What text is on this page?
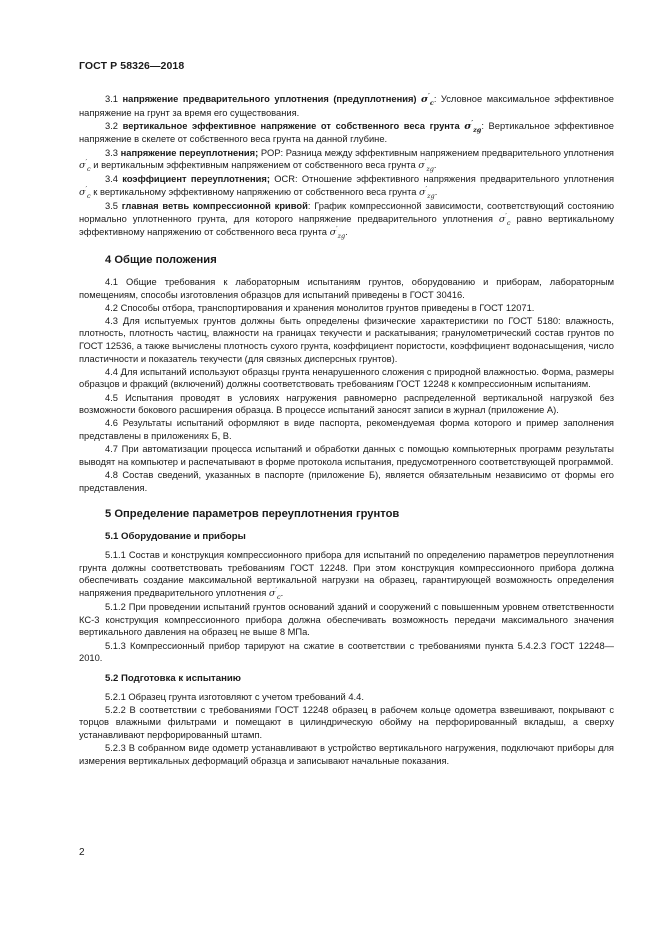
ГОСТ Р 58326—2018

3.1 напряжение предварительного уплотнения (предуплотнения) $\sigma'_c$: Условное максимальное эффективное напряжение на грунт за время его существования.

3.2 вертикальное эффективное напряжение от собственного веса грунта $\sigma'_{zg}$: Вертикальное эффективное напряжение в скелете от собственного веса грунта на данной глубине.

3.3 напряжение переуплотнения; POP: Разница между эффективным напряжением предварительного уплотнения $\sigma'_c$ и вертикальным эффективным напряжением от собственного веса грунта $\sigma'_{zg}$.

3.4 коэффициент переуплотнения; OCR: Отношение эффективного напряжения предварительного уплотнения $\sigma'_c$ к вертикальному эффективному напряжению от собственного веса грунта $\sigma'_{zg}$.

3.5 главная ветвь компрессионной кривой: График компрессионной зависимости, соответствующий состоянию нормально уплотненного грунта, для которого напряжение предварительного уплотнения $\sigma'_c$ равно вертикальному эффективному напряжению от собственного веса грунта $\sigma'_{zg}$.

4 Общие положения

4.1 Общие требования к лабораторным испытаниям грунтов, оборудованию и приборам, лабораторным помещениям, способы изготовления образцов для испытаний приведены в ГОСТ 30416.

4.2 Способы отбора, транспортирования и хранения монолитов грунтов приведены в ГОСТ 12071.

4.3 Для испытуемых грунтов должны быть определены физические характеристики по ГОСТ 5180: влажность, плотность, плотность частиц, влажности на границах текучести и раскатывания; гранулометрический состав грунтов по ГОСТ 12536, а также вычислены плотность сухого грунта, коэффициент пористости, коэффициент водонасыщения, число пластичности и показатель текучести (для связных дисперсных грунтов).

4.4 Для испытаний используют образцы грунта ненарушенного сложения с природной влажностью. Форма, размеры образцов и фракций (включений) должны соответствовать требованиям ГОСТ 12248 к компрессионным испытаниям.

4.5 Испытания проводят в условиях нагружения равномерно распределенной вертикальной нагрузкой без возможности бокового расширения образца. В процессе испытаний заносят записи в журнал (приложение А).

4.6 Результаты испытаний оформляют в виде паспорта, рекомендуемая форма которого и пример заполнения представлены в приложениях Б, В.

4.7 При автоматизации процесса испытаний и обработки данных с помощью компьютерных программ результаты выводят на компьютер и распечатывают в форме протокола испытания, предусмотренного соответствующей программой.

4.8 Состав сведений, указанных в паспорте (приложение Б), является обязательным независимо от формы его представления.

5 Определение параметров переуплотнения грунтов
5.1 Оборудование и приборы

5.1.1 Состав и конструкция компрессионного прибора для испытаний по определению параметров переуплотнения грунта должны соответствовать требованиям ГОСТ 12248. При этом конструкция компрессионного прибора должна обеспечивать создание максимальной вертикальной нагрузки на образец, гарантирующей возможность определения напряжения предварительного уплотнения $\sigma'_c$.

5.1.2 При проведении испытаний грунтов оснований зданий и сооружений с повышенным уровнем ответственности КС-3 конструкция компрессионного прибора должна обеспечивать возможность передачи максимального значения вертикального давления на образец не выше 8 МПа.

5.1.3 Компрессионный прибор тарируют на сжатие в соответствии с требованиями пункта 5.4.2.3 ГОСТ 12248—2010.

5.2 Подготовка к испытанию

5.2.1 Образец грунта изготовляют с учетом требований 4.4.

5.2.2 В соответствии с требованиями ГОСТ 12248 образец в рабочем кольце одометра взвешивают, покрывают с торцов влажными фильтрами и помещают в цилиндрическую обойму на перфорированный вкладыш, а сверху устанавливают перфорированный штамп.

5.2.3 В собранном виде одометр устанавливают в устройство вертикального нагружения, подключают приборы для измерения вертикальных деформаций образца и записывают начальные показания.

2
